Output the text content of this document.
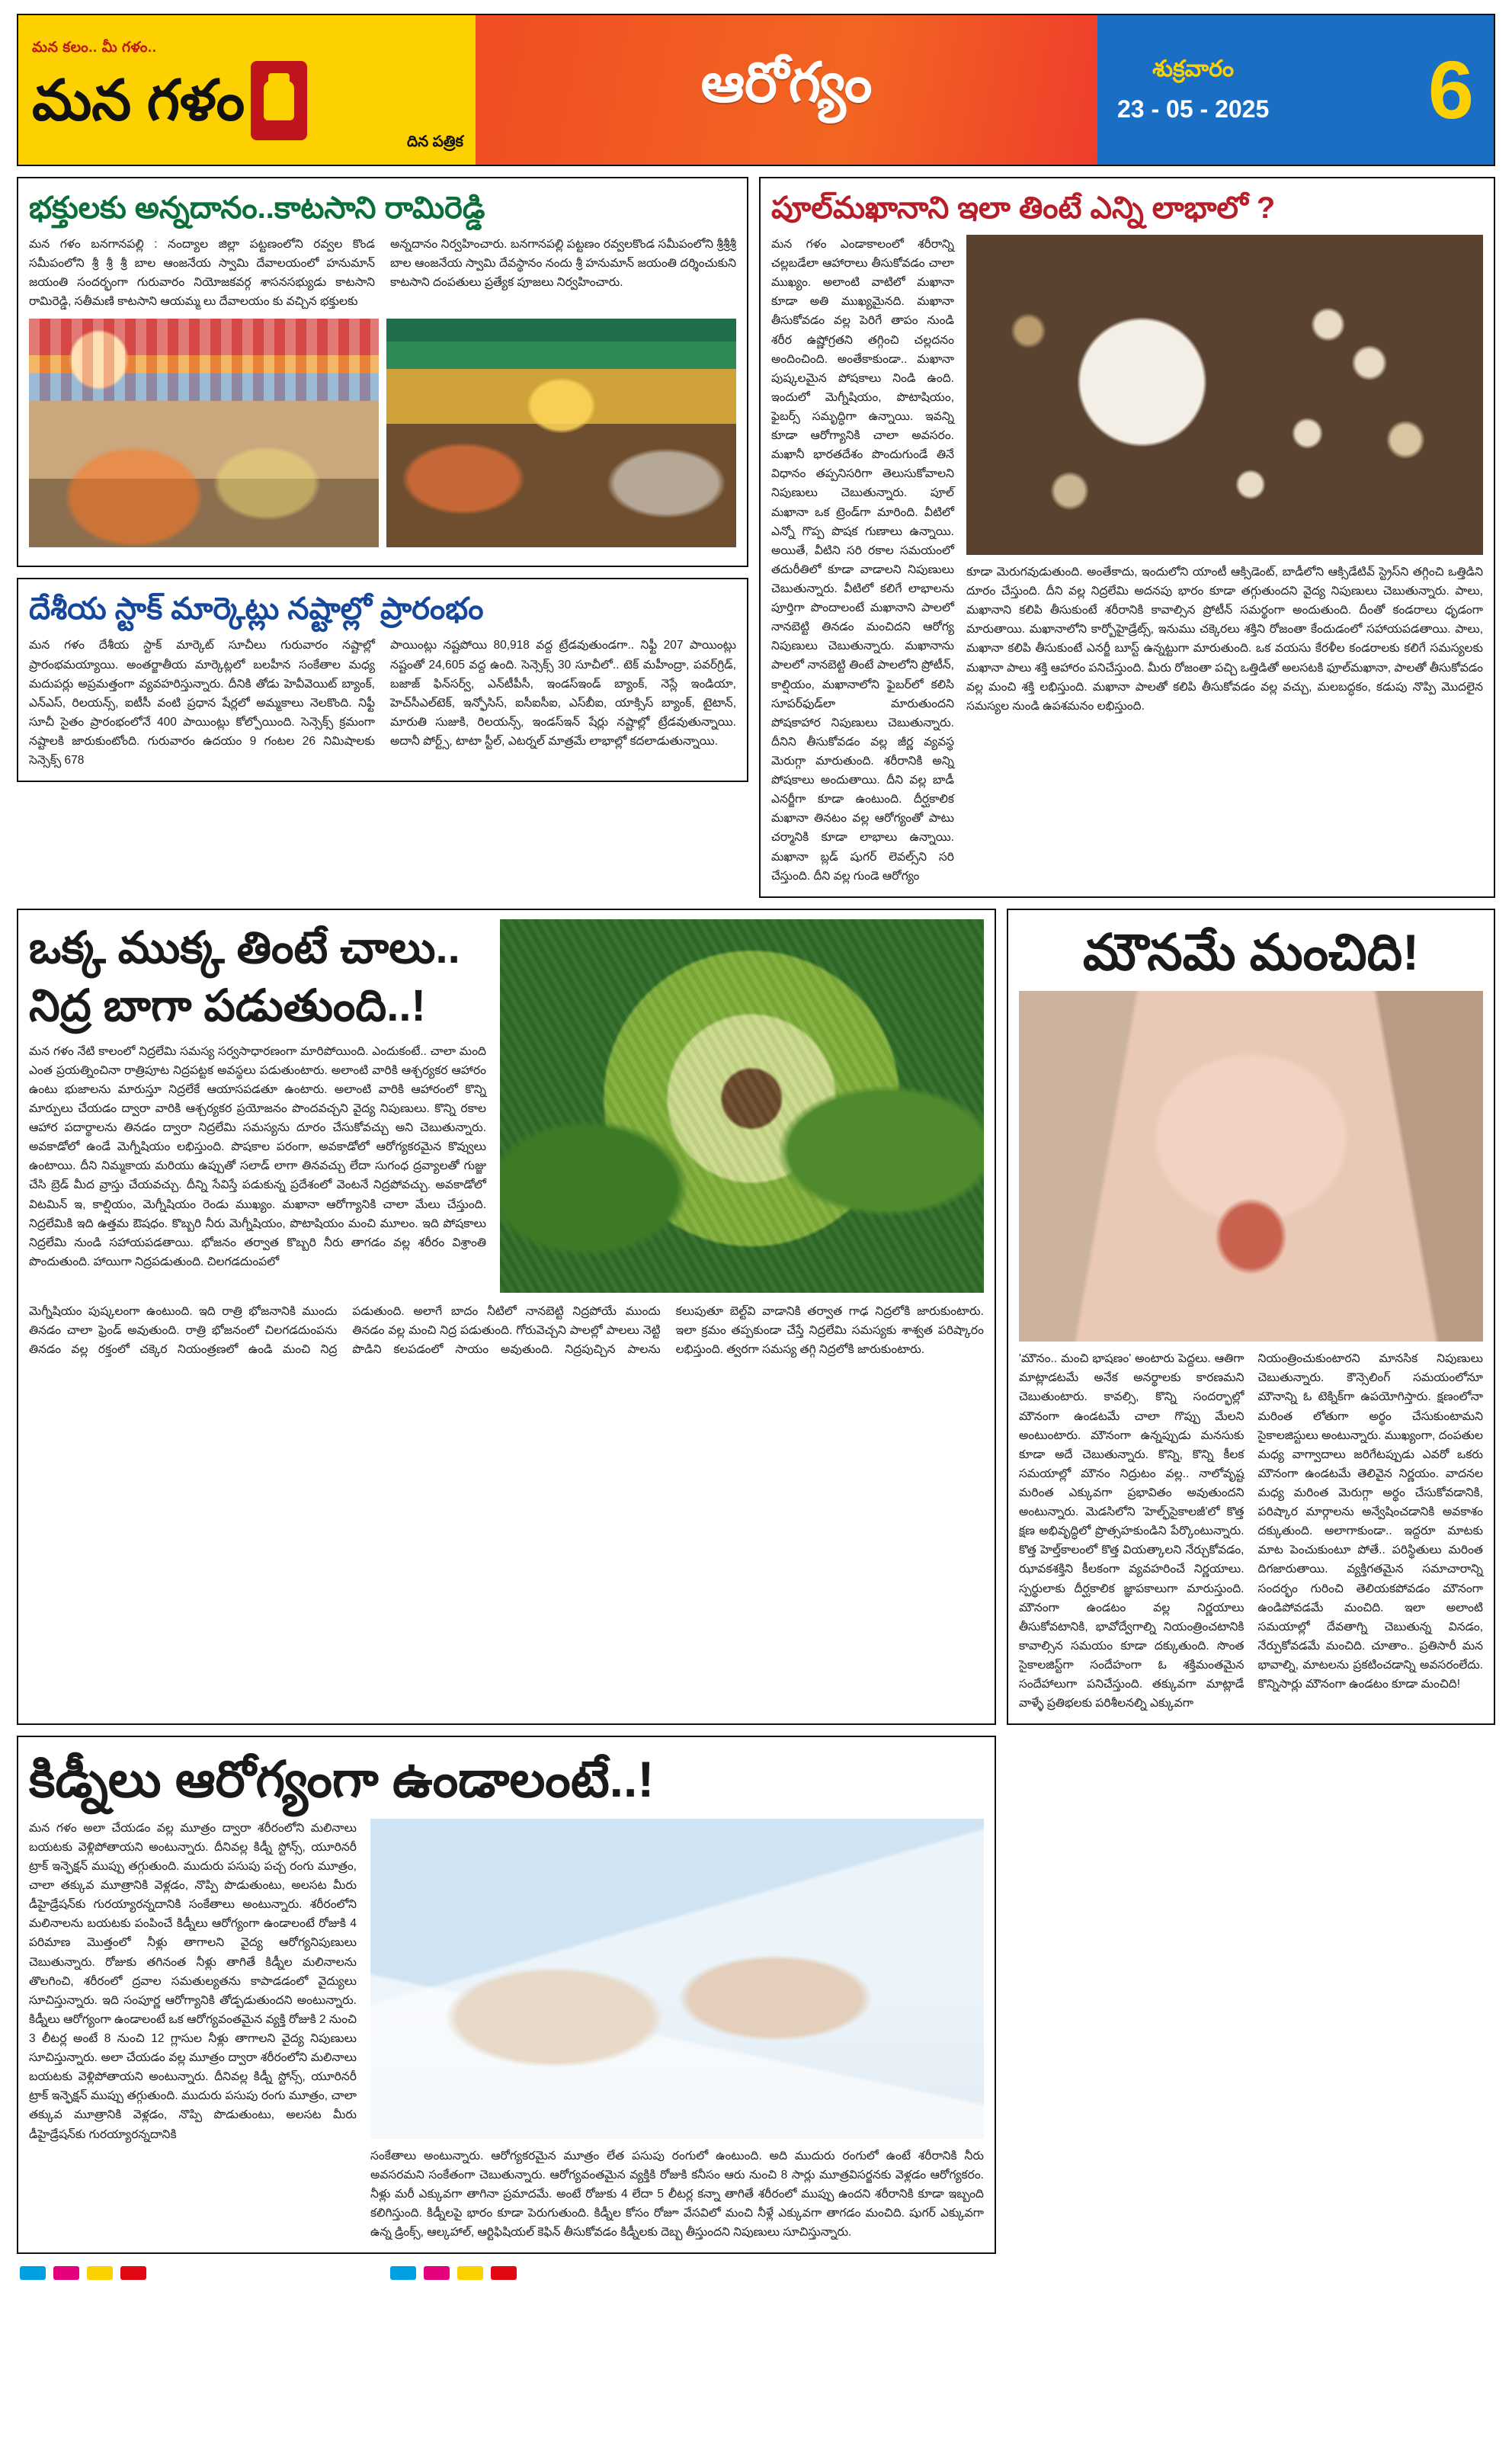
మన కలం.. మీ గళం..
మన గళం
దిన పత్రిక
ఆరోగ్యం	శుక్రవారం
23 - 05 - 2025 6
భక్తులకు అన్నదానం..కాటసాని రామిరెడ్డి
మన గళం బనగానపల్లి : నంద్యాల జిల్లా పట్టణంలోని రవ్వల కొండ సమీపంలోని శ్రీ శ్రీ శ్రీ బాల ఆంజనేయ స్వామి దేవాలయంలో హనుమాన్ జయంతి సందర్భంగా గురువారం నియోజకవర్గ శాసనసభ్యుడు కాటసాని రామిరెడ్డి, సతీమణి కాటసాని ఆయమ్మ లు దేవాలయం కు వచ్చిన భక్తులకు
అన్నదానం నిర్వహించారు. బనగానపల్లి పట్టణం రవ్వలకొండ సమీపంలోని శ్రీశ్రీశ్రీ బాల ఆంజనేయ స్వామి దేవస్థానం నందు శ్రీ హనుమాన్ జయంతి దర్శించుకుని కాటసాని దంపతులు ప్రత్యేక పూజలు నిర్వహించారు.
దేశీయ స్టాక్ మార్కెట్లు నష్టాల్లో ప్రారంభం
మన గళం దేశీయ స్టాక్ మార్కెట్ సూచీలు గురువారం నష్టాల్లో ప్రారంభమయ్యాయి. అంతర్జాతీయ మార్కెట్లలో బలహీన సంకేతాల మధ్య మదుపర్లు అప్రమత్తంగా వ్యవహరిస్తున్నారు. దీనికి తోడు హెవీవెయిట్ బ్యాంక్, ఎన్ఎస్, రిలయన్స్, ఐటీసీ వంటి ప్రధాన షేర్లలో అమ్మకాలు నెలకొంది. నిఫ్టీ సూచీ సైతం ప్రారంభంలోనే 400 పాయింట్లు కోల్పోయింది. సెన్సెక్స్ క్రమంగా నష్టాలకి జారుకుంటోంది. గురువారం ఉదయం 9 గంటల 26 నిమిషాలకు సెన్సెక్స్ 678
పాయింట్లు నష్టపోయి 80,918 వద్ద ట్రేడవుతుండగా.. నిఫ్టీ 207 పాయింట్లు నష్టంతో 24,605 వద్ద ఉంది. సెన్సెక్స్ 30 సూచీలో.. టెక్ మహీంద్రా, పవర్‌గ్రిడ్, బజాజ్ ఫిన్‌సర్వ్, ఎన్‌టీపీసీ, ఇండస్‌ఇండ్ బ్యాంక్, నెస్లే ఇండియా, హెచ్‌సీఎల్‌టెక్, ఇన్ఫోసిస్, ఐసీఐసీఐ, ఎస్‌బీఐ, యాక్సిస్ బ్యాంక్, టైటాన్, మారుతి సుజుకి, రిలయన్స్, ఇండస్‌ఇన్ షేర్లు నష్టాల్లో ట్రేడవుతున్నాయి. అదానీ పోర్ట్స్, టాటా స్టీల్, ఎటర్నల్ మాత్రమే లాభాల్లో కదలాడుతున్నాయి.
పూల్‌మఖానాని ఇలా తింటే ఎన్ని లాభాలో ?
మన గళం ఎండాకాలంలో శరీరాన్ని చల్లబడేలా ఆహారాలు తీసుకోవడం చాలా ముఖ్యం. అలాంటి వాటిలో మఖానా కూడా అతి ముఖ్యమైనది. మఖానా తీసుకోవడం వల్ల పెరిగే తాపం నుండి శరీర ఉష్ణోగ్రతని తగ్గించి చల్లదనం అందించింది. అంతేకాకుండా.. మఖానా పుష్కలమైన పోషకాలు నిండి ఉంది. ఇందులో మెగ్నీషియం, పొటాషియం, ఫైబర్స్ సమృద్ధిగా ఉన్నాయి. ఇవన్ని కూడా ఆరోగ్యానికి చాలా అవసరం. మఖానీ భారతదేశం పొందుగుండే తినే విధానం తప్పనిసరిగా తెలుసుకోవాలని నిపుణులు చెబుతున్నారు. పూల్ మఖానా ఒక ట్రెండ్‌గా మారింది. వీటిలో ఎన్నో గొప్ప పొషక గుణాలు ఉన్నాయి. అయితే, వీటిని సరి రకాల సమయంలో తదురీతిలో కూడా వాడాలని నిపుణులు చెబుతున్నారు. వీటిలో కలిగే లాభాలను పూర్తిగా పొందాలంటే మఖానాని పాలలో నానబెట్టి తినడం మంచిదని ఆరోగ్య నిపుణులు చెబుతున్నారు. మఖానాను పాలలో నానబెట్టి తింటే పాలలోని ప్రోటీన్, కాల్షియం, మఖానాలోని ఫైబర్‌లో కలిసి సూపర్‌ఫుడ్‌లా మారుతుందని పోషకాహార నిపుణులు చెబుతున్నారు. దీనిని తీసుకోవడం వల్ల జీర్ణ వ్యవస్థ మెరుగ్గా మారుతుంది. శరీరానికి అన్ని పోషకాలు అందుతాయి. దీని వల్ల బాడీ ఎనర్జీగా కూడా ఉంటుంది. దీర్ఘకాలిక మఖానా తినటం వల్ల ఆరోగ్యంతో పాటు చర్మానికి కూడా లాభాలు ఉన్నాయి. మఖానా బ్లడ్ షుగర్ లెవల్స్‌ని సరి చేస్తుంది. దీని వల్ల గుండె ఆరోగ్యం
కూడా మెరుగవుడుతుంది. అంతేకాదు, ఇందులోని యాంటీ ఆక్సిడెంట్, బాడీలోని ఆక్సిడేటివ్ స్ట్రెస్‌ని తగ్గించి ఒత్తిడిని దూరం చేస్తుంది. దీని వల్ల నిద్రలేమి అదనపు భారం కూడా తగ్గుతుందని వైద్య నిపుణులు చెబుతున్నారు. పాలు, మఖానాని కలిపి తీసుకుంటే శరీరానికి కావాల్సిన ప్రోటీన్ సమర్థంగా అందుతుంది. దీంతో కండరాలు ధృడంగా మారుతాయి. మఖానాలోని కార్బోహైడ్రేట్స్, ఇనుము చక్కెరలు శక్తిని రోజంతా కేందుడంలో సహాయపడతాయి. పాలు, మఖానా కలిపి తీసుకుంటే ఎనర్జీ బూస్ట్‌ ఉన్నట్టుగా మారుతుంది. ఒక వయసు కేరళీల కండరాలకు కలిగే సమస్యలకు మఖానా పాలు శక్తి ఆహారం పనిచేస్తుంది. మీరు రోజంతా పచ్చి ఒత్తిడితో అలసటకి ఫూల్‌మఖానా, పాలతో తీసుకోవడం వల్ల మంచి శక్తి లభిస్తుంది. మఖానా పాలతో కలిపి తీసుకోవడం వల్ల వచ్చు, మలబద్ధకం, కడుపు నొప్పి మొదలైన సమస్యల నుండి ఉపశమనం లభిస్తుంది.
ఒక్క ముక్క తింటే చాలు..
నిద్ర బాగా పడుతుంది..!
మన గళం నేటి కాలంలో నిద్రలేమి సమస్య సర్వసాధారణంగా మారిపోయింది. ఎందుకంటే.. చాలా మంది ఎంత ప్రయత్నించినా రాత్రిపూట నిద్రపట్టక అవస్థలు పడుతుంటారు. అలాంటి వారికి ఆశ్చర్యకర ఆహారం ఉంటు భుజాలను మారుస్తూ నిద్రలేకే ఆయాసపడతూ ఉంటారు. అలాంటి వారికి ఆహారంలో కొన్ని మార్పులు చేయడం ద్వారా వారికి ఆశ్చర్యకర ప్రయోజనం పొందవచ్చని వైద్య నిపుణులు. కొన్ని రకాల ఆహార పదార్థాలను తినడం ద్వారా నిద్రలేమి సమస్యను దూరం చేసుకోవచ్చు అని చెబుతున్నారు. అవకాడోలో ఉండే మెగ్నీషియం లభిస్తుంది. పొషకాల పరంగా, అవకాడోలో ఆరోగ్యకరమైన కొవ్వులు ఉంటాయి. దీని నిమ్మకాయ మరియు ఉప్పుతో సలాడ్ లాగా తినవచ్చు లేదా సుగంధ ద్రవ్యాలతో గుజ్జు చేసి బ్రెడ్ మీద వ్రాస్తు చేయవచ్చు. దీన్ని సేవిస్తే పడుకున్న ప్రదేశంలో వెంటనే నిద్రపోవచ్చు. అవకాడోలో విటమిన్ ఇ, కాల్షియం, మెగ్నీషియం రెండు ముఖ్యం. మఖానా ఆరోగ్యానికి చాలా మేలు చేస్తుంది. నిద్రలేమికి ఇది ఉత్తమ ఔషధం. కొబ్బరి నీరు మెగ్నీషియం, పొటాషియం మంచి మూలం. ఇది పోషకాలు నిద్రలేమి నుండి సహాయపడతాయి. భోజనం తర్వాత కొబ్బరి నీరు తాగడం వల్ల శరీరం విశ్రాంతి పొందుతుంది. హాయిగా నిద్రపడుతుంది. చిలగడదుంపలో
మెగ్నీషియం పుష్కలంగా ఉంటుంది. ఇది రాత్రి భోజనానికి ముందు తినడం చాలా ఫ్రెండ్ అవుతుంది. రాత్రి భోజనంలో చిలగడదుంపను తినడం వల్ల రక్తంలో చక్కెర నియంత్రణలో ఉండి మంచి నిద్ర పడుతుంది. అలాగే బాదం నీటిలో నానబెట్టి నిద్రపోయే ముందు తినడం వల్ల మంచి నిద్ర పడుతుంది. గోరువెచ్చని పాలల్లో పాలలు నెట్టి పొడిని కలపడంలో సాయం అవుతుంది. నిద్రపుచ్చిన పాలను కలుపుతూ బెల్ట్‌వి వాడానికి తర్వాత గాఢ నిద్రలోకి జారుకుంటారు. ఇలా క్రమం తప్పకుండా చేస్తే నిద్రలేమి సమస్యకు శాశ్వత పరిష్కారం లభిస్తుంది. త్వరగా సమస్య తగ్గి నిద్రలోకి జారుకుంటారు.
మౌనమే మంచిది!
'మౌనం.. మంచి భాషణం' అంటారు పెద్దలు. ఆతిగా మాట్లాడటమే అనేక అనర్థాలకు కారణమని చెబుతుంటారు. కావల్సి, కొన్ని సందర్భాల్లో మౌనంగా ఉండటమే చాలా గొప్పు మేలని అంటుంటారు. మౌనంగా ఉన్నప్పుడు మనసుకు కూడా అదే చెబుతున్నారు. కొన్ని, కొన్ని కీలక సమయాల్లో మౌనం నిద్రుటం వల్ల.. నాలోవృష్ట మరింత ఎక్కువగా ప్రభావితం అవుతుందని అంటున్నారు. మెడసిలోని 'హెల్ఫ్‌సైకాలజీ'లో కొత్త క్షణ అభివృద్ధిలో ప్రొత్సహకుండిని పేర్కొంటున్నారు. కొత్త హెల్త్‌కాలంలో కొత్త వియత్కాలని నేర్చుకోవడం, ఝావకశక్తిని కీలకంగా వ్యవహరించే నిర్ణయాలు. స్పర్థులాకు దీర్ఘకాలిక జ్ఞాపకాలుగా మారుస్తుంది. మౌనంగా ఉండటం వల్ల నిర్ణయాలు తీసుకోవటానికి, భావోద్వేగాల్ని నియంత్రించటానికి కావాల్సిన సమయం కూడా దక్కుతుంది. సొంత సైకాలజిస్ట్‌గా సందేహంగా ఓ శక్తిమంతమైన సందేహాలుగా పనిచేస్తుంది. తక్కువగా మాట్లాడే వాళ్ళే ప్రతిభలకు పరిశీలనల్ని ఎక్కువగా
నియంత్రించుకుంటారని మానసిక నిపుణులు చెబుతున్నారు. కౌన్సెలింగ్ సమయంలోనూ మౌనాన్ని ఓ టెక్నిక్‌గా ఉపయోగిస్తారు. క్షణంలోనా మరింత లోతుగా అర్థం చేసుకుంటామని సైకాలజిస్టులు అంటున్నారు. ముఖ్యంగా, దంపతుల మధ్య వాగ్వాదాలు జరిగేటప్పుడు ఎవరో ఒకరు మౌనంగా ఉండటమే తెలివైన నిర్ణయం. వాదనల మధ్య మరింత మెరుగ్గా అర్థం చేసుకోవడానికి, పరిష్కార మార్గాలను అన్వేషించడానికి అవకాశం దక్కుతుంది. అలాగాకుండా.. ఇద్దరూ మాటకు మాట పెంచుకుంటూ పోతే.. పరిస్థితులు మరింత దిగజారుతాయి. వ్యక్తిగతమైన సమాచారాన్ని సందర్భం గురించి తెలియకపోవడం మౌనంగా ఉండిపోవడమే మంచిది. ఇలా అలాంటి సమయాల్లో దేవతాగ్ని చెబుతున్న వినడం, నేర్పుకోవడమే మంచిది. చూతాం.. ప్రతిసారీ మన భావాల్ని, మాటలను ప్రకటించడాన్ని అవసరంలేదు. కొన్నిసార్లు మౌనంగా ఉండటం కూడా మంచిది!
కిడ్నీలు ఆరోగ్యంగా ఉండాలంటే..!
మన గళం అలా చేయడం వల్ల మూత్రం ద్వారా శరీరంలోని మలినాలు బయటకు వెళ్లిపోతాయని అంటున్నారు. దీనివల్ల కిడ్నీ స్టోన్స్, యూరినరీ ట్రాక్ ఇన్ఫెక్షన్ ముప్పు తగ్గుతుంది. ముదురు పసుపు పచ్చ రంగు మూత్రం, చాలా తక్కువ మూత్రానికి వెళ్లడం, నొప్పి పొడుతుంటు, అలసట మీరు డీహైడ్రేషన్‌కు గురయ్యారన్నదానికి సంకేతాలు అంటున్నారు. శరీరంలోని మలినాలను బయటకు పంపించే కిడ్నీలు ఆరోగ్యంగా ఉండాలంటే రోజుకి 4 పరిమాణ మొత్తంలో నీళ్లు తాగాలని వైద్య ఆరోగ్యనిపుణులు చెబుతున్నారు. రోజుకు తగినంత నీళ్లు తాగితే కిడ్నీల మలినాలను తొలగించి, శరీరంలో ద్రవాల సమతుల్యతను కాపాడడంలో వైద్యులు సూచిస్తున్నారు. ఇది సంపూర్ణ ఆరోగ్యానికి తోడ్పడుతుందని అంటున్నారు. కిడ్నీలు ఆరోగ్యంగా ఉండాలంటే ఒక ఆరోగ్యవంతమైన వ్యక్తి రోజుకి 2 నుంచి 3 లీటర్ల అంటే 8 నుంచి 12 గ్లాసుల నీళ్లు తాగాలని వైద్య నిపుణులు సూచిస్తున్నారు. అలా చేయడం వల్ల మూత్రం ద్వారా శరీరంలోని మలినాలు బయటకు వెళ్లిపోతాయని అంటున్నారు. దీనివల్ల కిడ్నీ స్టోన్స్, యూరినరీ ట్రాక్ ఇన్ఫెక్షన్ ముప్పు తగ్గుతుంది. ముదురు పసుపు రంగు మూత్రం, చాలా తక్కువ మూత్రానికి వెళ్లడం, నొప్పి పొడుతుంటు, అలసట మీరు డీహైడ్రేషన్‌కు గురయ్యారన్నదానికి
సంకేతాలు అంటున్నారు. ఆరోగ్యకరమైన మూత్రం లేత పసుపు రంగులో ఉంటుంది. అది ముదురు రంగులో ఉంటే శరీరానికి నీరు అవసరమని సంకేతంగా చెబుతున్నారు. ఆరోగ్యవంతమైన వ్యక్తికి రోజుకి కనీసం ఆరు నుంచి 8 సార్లు మూత్రవిసర్జనకు వెళ్లడం ఆరోగ్యకరం. నీళ్లు మరీ ఎక్కువగా తాగినా ప్రమాదమే. అంటే రోజుకు 4 లేదా 5 లీటర్ల కన్నా తాగితే శరీరంలో ముప్పు ఉందని శరీరానికి కూడా ఇబ్బంది కలిగిస్తుంది. కిడ్నీలపై భారం కూడా పెరుగుతుంది. కిడ్నీల కోసం రోజూ వేసవిలో మంచి నీళ్లే ఎక్కువగా తాగడం మంచిది. షుగర్ ఎక్కువగా ఉన్న డ్రింక్స్, ఆల్కహాల్, ఆర్టిఫిషియల్ కెఫిన్ తీసుకోవడం కిడ్నీలకు దెబ్బ తీస్తుందని నిపుణులు సూచిస్తున్నారు.
